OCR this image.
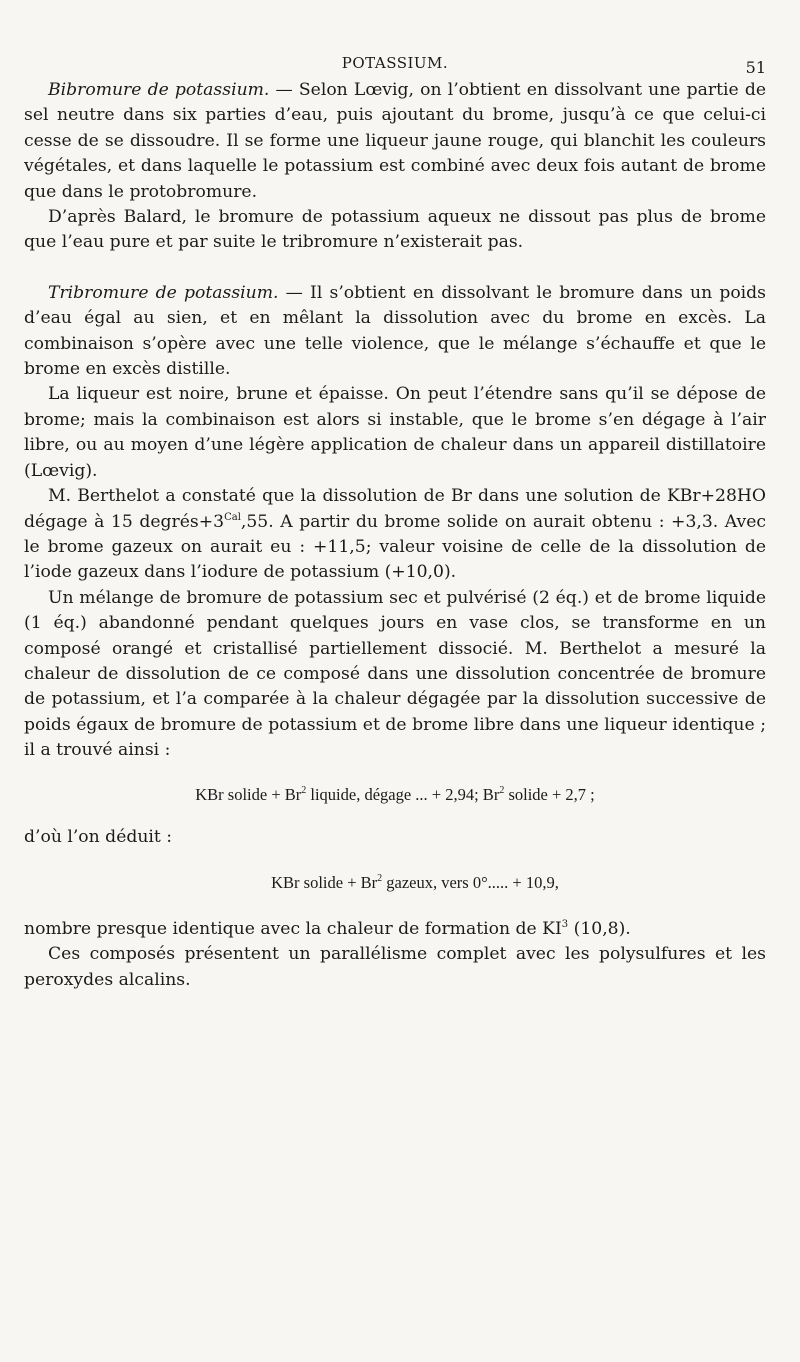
POTASSIUM.	51

Bibromure de potassium. — Selon Lœvig, on l’obtient en dissolvant une partie de sel neutre dans six parties d’eau, puis ajoutant du brome, jusqu’à ce que celui-ci cesse de se dissoudre. Il se forme une liqueur jaune rouge, qui blanchit les couleurs végétales, et dans laquelle le potassium est combiné avec deux fois autant de brome que dans le protobromure.

D’après Balard, le bromure de potassium aqueux ne dissout pas plus de brome que l’eau pure et par suite le tribromure n’existerait pas.

Tribromure de potassium. — Il s’obtient en dissolvant le bromure dans un poids d’eau égal au sien, et en mêlant la dissolution avec du brome en excès. La combinaison s’opère avec une telle violence, que le mélange s’échauffe et que le brome en excès distille.

La liqueur est noire, brune et épaisse. On peut l’étendre sans qu’il se dépose de brome; mais la combinaison est alors si instable, que le brome s’en dégage à l’air libre, ou au moyen d’une légère application de chaleur dans un appareil distillatoire (Lœvig).

M. Berthelot a constaté que la dissolution de Br dans une solution de KBr+28HO dégage à 15 $degrés+3^{Cal},55$. A partir du brome solide on aurait obtenu : +3,3. Avec le brome gazeux on aurait eu : +11,5; valeur voisine de celle de la dissolution de l’iode gazeux dans l’iodure de potassium (+10,0).

Un mélange de bromure de potassium sec et pulvérisé (2 éq.) et de brome liquide (1 éq.) abandonné pendant quelques jours en vase clos, se transforme en un composé orangé et cristallisé partiellement dissocié. M. Berthelot a mesuré la chaleur de dissolution de ce composé dans une dissolution concentrée de bromure de potassium, et l’a comparée à la chaleur dégagée par la dissolution successive de poids égaux de bromure de potassium et de brome libre dans une liqueur identique ; il a trouvé ainsi :

KBr solide + $Br^2$ liquide, dégage ... + 2,94; Br$^2$ solide + 2,7 ;

d’où l’on déduit :

KBr solide + $Br^2$ gazeux, vers 0°..... + 10,9,

nombre presque identique avec la chaleur de formation de $KI^3$ (10,8).

Ces composés présentent un parallélisme complet avec les polysulfures et les peroxydes alcalins.
